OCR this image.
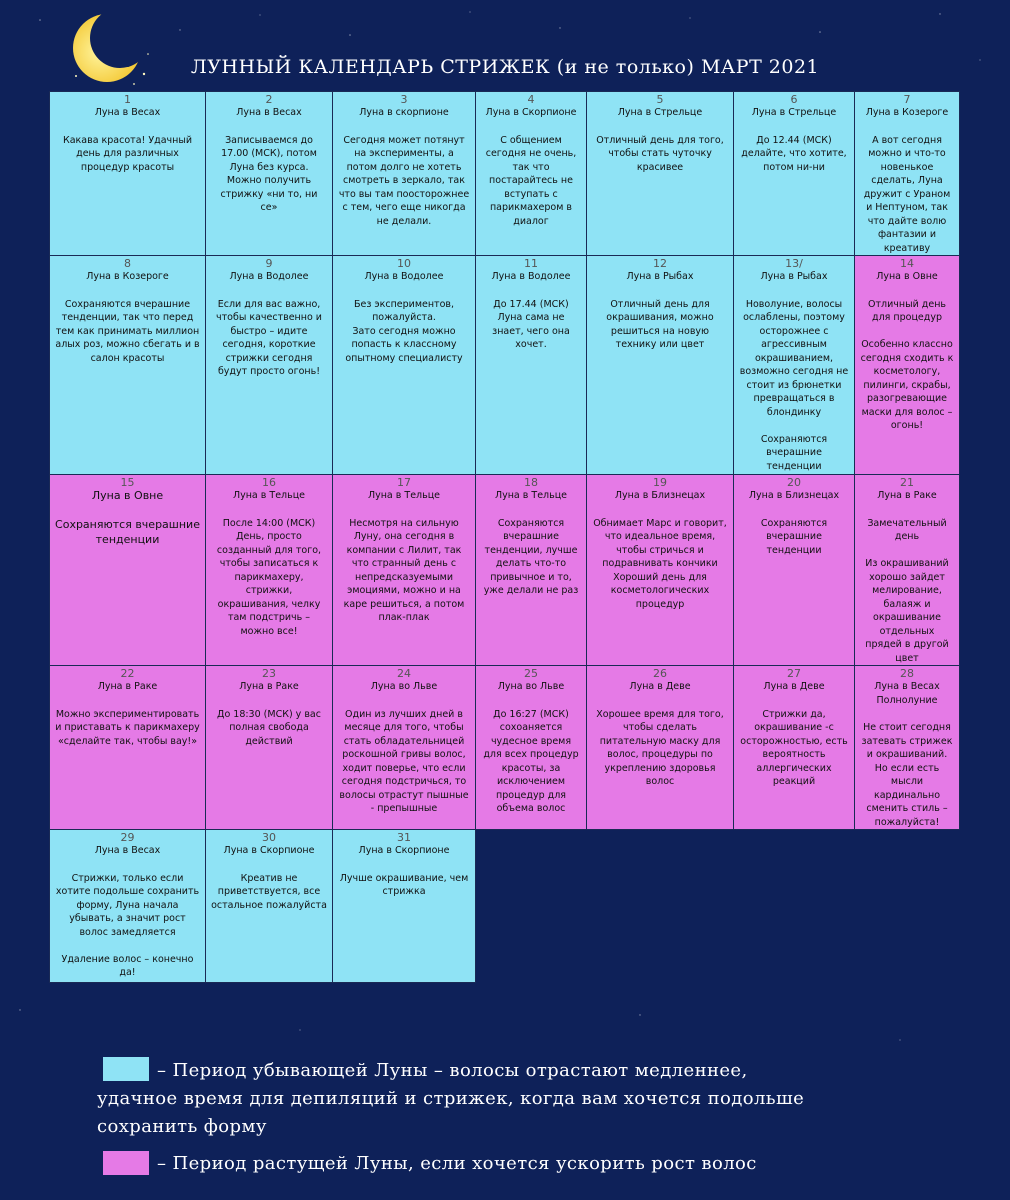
ЛУННЫЙ КАЛЕНДАРЬ СТРИЖЕК (и не только) МАРТ 2021
1
Луна в Весах
Какава красота! Удачный день для различных процедур красоты
2
Луна в Весах
Записываемся до 17.00 (МСК), потом Луна без курса. Можно получить стрижку «ни то, ни се»
3
Луна в скорпионе
Сегодня может потянут на эксперименты, а потом долго не хотеть смотреть в зеркало, так что вы там поосторожнее с тем, чего еще никогда не делали.
4
Луна в Скорпионе
С общением сегодня не очень, так что постарайтесь не вступать с парикмахером в диалог
5
Луна в Стрельце
Отличный день для того, чтобы стать чуточку красивее
6
Луна в Стрельце
До 12.44 (МСК) делайте, что хотите, потом ни-ни
7
Луна в Козероге
А вот сегодня можно и что-то новенькое сделать, Луна дружит с Ураном и Нептуном, так что дайте волю фантазии и креативу
8
Луна в Козероге
Сохраняются вчерашние тенденции, так что перед тем как принимать миллион алых роз, можно сбегать и в салон красоты
9
Луна в Водолее
Если для вас важно, чтобы качественно и быстро – идите сегодня, короткие стрижки сегодня будут просто огонь!
10
Луна в Водолее
Без экспериментов, пожалуйста.
Зато сегодня можно попасть к классному опытному специалисту
11
Луна в Водолее
До 17.44 (МСК) Луна сама не знает, чего она хочет.
12
Луна в Рыбах
Отличный день для окрашивания, можно решиться на новую технику или цвет
13/
Луна в Рыбах
Новолуние, волосы ослаблены, поэтому осторожнее с агрессивным окрашиванием, возможно сегодня не стоит из брюнетки превращаться в блондинку

Сохраняются вчерашние тенденции
14
Луна в Овне
Отличный день для процедур

Особенно классно сегодня сходить к косметологу, пилинги, скрабы, разогревающие маски для волос – огонь!
15
Луна в Овне
Сохраняются вчерашние тенденции
16
Луна в Тельце
После 14:00 (МСК) День, просто созданный для того, чтобы записаться к парикмахеру, стрижки, окрашивания, челку там подстричь – можно все!
17
Луна в Тельце
Несмотря на сильную Луну, она сегодня в компании с Лилит, так что странный день с непредсказуемыми эмоциями, можно и на каре решиться, а потом плак-плак
18
Луна в Тельце
Сохраняются вчерашние тенденции, лучше делать что-то привычное и то, уже делали не раз
19
Луна в Близнецах
Обнимает Марс и говорит, что идеальное время, чтобы стричься и подравнивать кончики
Хороший день для косметологических процедур
20
Луна в Близнецах
Сохраняются вчерашние тенденции
21
Луна в Раке
Замечательный день

Из окрашиваний хорошо зайдет мелирование, балаяж и окрашивание отдельных прядей в другой цвет
22
Луна в Раке
Можно экспериментировать и приставать к парикмахеру «сделайте так, чтобы вау!»
23
Луна в Раке
До 18:30 (МСК) у вас полная свобода действий
24
Луна во Льве
Один из лучших дней в месяце для того, чтобы стать обладательницей роскошной гривы волос, ходит поверье, что если сегодня подстричься, то волосы отрастут пышные - препышные
25
Луна во Льве
До 16:27 (МСК) сохоаняется чудесное время для всех процедур красоты, за исключением процедур для объема волос
26
Луна в Деве
Хорошее время для того, чтобы сделать питательную маску для волос, процедуры по укреплению здоровья волос
27
Луна в Деве
Стрижки да, окрашивание -с осторожностью, есть вероятность аллергических реакций
28
Луна в Весах Полнолуние
Не стоит сегодня затевать стрижек и окрашиваний.
Но если есть мысли кардинально сменить стиль – пожалуйста!
29
Луна в Весах
Стрижки, только если хотите подольше сохранить форму, Луна начала убывать, а значит рост волос замедляется

Удаление волос – конечно да!
30
Луна в Скорпионе
Креатив не приветствуется, все остальное пожалуйста
31
Луна в Скорпионе
Лучше окрашивание, чем стрижка
– Период убывающей Луны – волосы отрастают медленнее,
удачное время для депиляций и стрижек, когда вам хочется подольше
сохранить форму
– Период растущей Луны, если хочется ускорить рост волос
